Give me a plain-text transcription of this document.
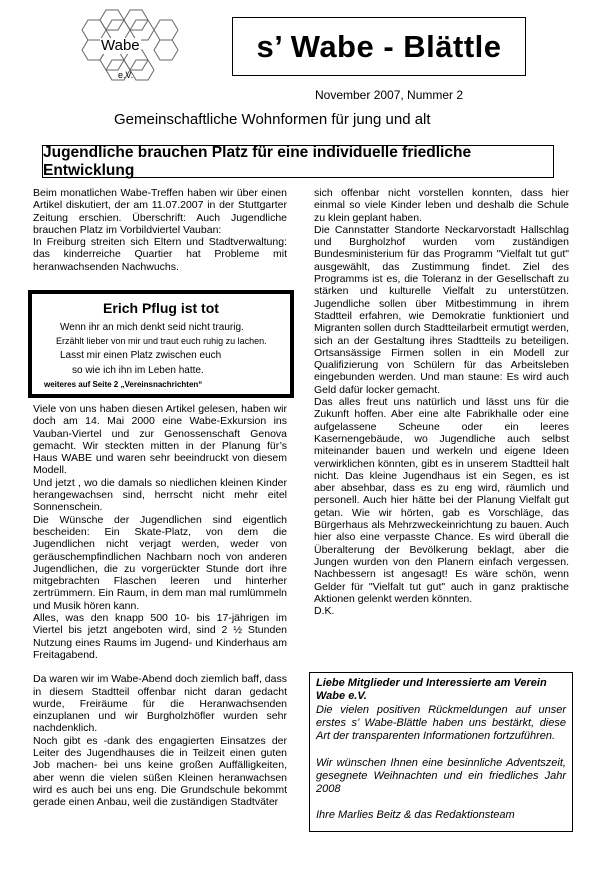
Wabe
e.V.
s’ Wabe - Blättle
November 2007, Nummer 2
Gemeinschaftliche Wohnformen für jung und alt
Jugendliche brauchen Platz für eine individuelle friedliche Entwicklung

Beim monatlichen Wabe-Treffen haben wir über einen Artikel diskutiert, der am 11.07.2007 in der Stuttgarter Zeitung erschien. Überschrift: Auch Jugendliche brauchen Platz im Vorbildviertel Vauban:

In Freiburg streiten sich Eltern und Stadtverwaltung: das kinderreiche Quartier hat Probleme mit heranwachsenden Nachwuchs.

Erich Pflug ist tot
Wenn ihr an mich denkt seid nicht traurig.
Erzählt lieber von mir und traut euch ruhig zu lachen.
Lasst mir einen Platz zwischen euch
so wie ich ihn im Leben hatte.
weiteres auf Seite 2 „Vereinsnachrichten“

Viele von uns haben diesen Artikel gelesen, haben wir doch am 14. Mai 2000 eine Wabe-Exkursion ins Vauban-Viertel und zur Genossenschaft Genova gemacht. Wir steckten mitten in der Planung für’s Haus WABE und waren sehr beeindruckt von diesem Modell.

Und jetzt , wo die damals so niedlichen kleinen Kinder herangewachsen sind, herrscht nicht mehr eitel Sonnenschein.

Die Wünsche der Jugendlichen sind eigentlich bescheiden: Ein Skate-Platz, von dem die Jugendlichen nicht verjagt werden, weder von geräuschempfindlichen Nachbarn noch von anderen Jugendlichen, die zu vorgerückter Stunde dort ihre mitgebrachten Flaschen leeren und hinterher zertrümmern. Ein Raum, in dem man mal rumlümmeln und Musik hören kann.

Alles, was den knapp 500 10- bis 17-jährigen im Viertel bis jetzt angeboten wird, sind 2 ½ Stunden Nutzung eines Raums im Jugend- und Kinderhaus am Freitagabend.

Da waren wir im Wabe-Abend doch ziemlich baff, dass in diesem Stadtteil offenbar nicht daran gedacht wurde, Freiräume für die Heranwachsenden einzuplanen und wir Burgholzhöfler wurden sehr nachdenklich.

Noch gibt es -dank des engagierten Einsatzes der Leiter des Jugendhauses die in Teilzeit einen guten Job machen- bei uns keine großen Auffälligkeiten, aber wenn die vielen süßen Kleinen heranwachsen wird es auch bei uns eng. Die Grundschule bekommt gerade einen Anbau, weil die zuständigen Stadtväter

sich offenbar nicht vorstellen konnten, dass hier einmal so viele Kinder leben und deshalb die Schule zu klein geplant haben.

Die Cannstatter Standorte Neckarvorstadt Hallschlag und Burgholzhof wurden vom zuständigen Bundesministerium für das Programm "Vielfalt tut gut" ausgewählt, das Zustimmung findet. Ziel des Programms ist es, die Toleranz in der Gesellschaft zu stärken und kulturelle Vielfalt zu unterstützen. Jugendliche sollen über Mitbestimmung in ihrem Stadtteil erfahren, wie Demokratie funktioniert und Migranten sollen durch Stadtteilarbeit ermutigt werden, sich an der Gestaltung ihres Stadtteils zu beteiligen. Ortsansässige Firmen sollen in ein Modell zur Qualifizierung von Schülern für das Arbeitsleben eingebunden werden. Und man staune: Es wird auch Geld dafür locker gemacht.

Das alles freut uns natürlich und lässt uns für die Zukunft hoffen. Aber eine alte Fabrikhalle oder eine aufgelassene Scheune oder ein leeres Kasernengebäude, wo Jugendliche auch selbst miteinander bauen und werkeln und eigene Ideen verwirklichen könnten, gibt es in unserem Stadtteil halt nicht. Das kleine Jugendhaus ist ein Segen, es ist aber absehbar, dass es zu eng wird, räumlich und personell. Auch hier hätte bei der Planung Vielfalt gut getan. Wie wir hörten, gab es Vorschläge, das Bürgerhaus als Mehrzweckeinrichtung zu bauen. Auch hier also eine verpasste Chance. Es wird überall die Überalterung der Bevölkerung beklagt, aber die Jungen wurden von den Planern einfach vergessen. Nachbessern ist angesagt! Es wäre schön, wenn Gelder für "Vielfalt tut gut" auch in ganz praktische Aktionen gelenkt werden könnten.

D.K.

Liebe Mitglieder und Interessierte am Verein Wabe e.V.
Die vielen positiven Rückmeldungen auf unser erstes s’ Wabe-Blättle haben uns bestärkt, diese Art der transparenten Informationen fortzuführen.
Wir wünschen Ihnen eine besinnliche Adventszeit, gesegnete Weihnachten und ein friedliches Jahr 2008
Ihre Marlies Beitz & das Redaktionsteam
